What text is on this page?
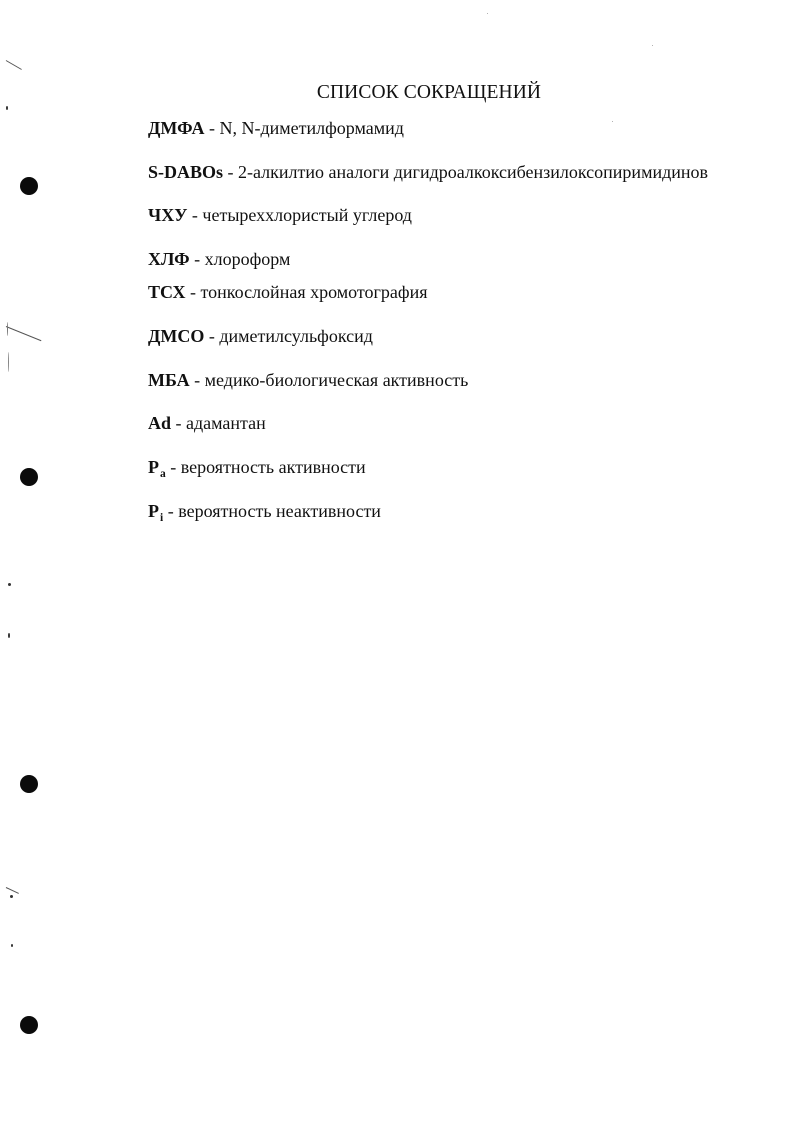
СПИСОК СОКРАЩЕНИЙ
ДМФА - N, N-диметилформамид
S-DABOs - 2-алкилтио аналоги дигидроалкоксибензилоксопиримидинов
ЧХУ - четыреххлористый углерод
ХЛФ - хлороформ
ТСХ - тонкослойная хромотография
ДМСО - диметилсульфоксид
МБА - медико-биологическая активность
Ad - адамантан
$P_a$ - вероятность активности
$P_i$ - вероятность неактивности
